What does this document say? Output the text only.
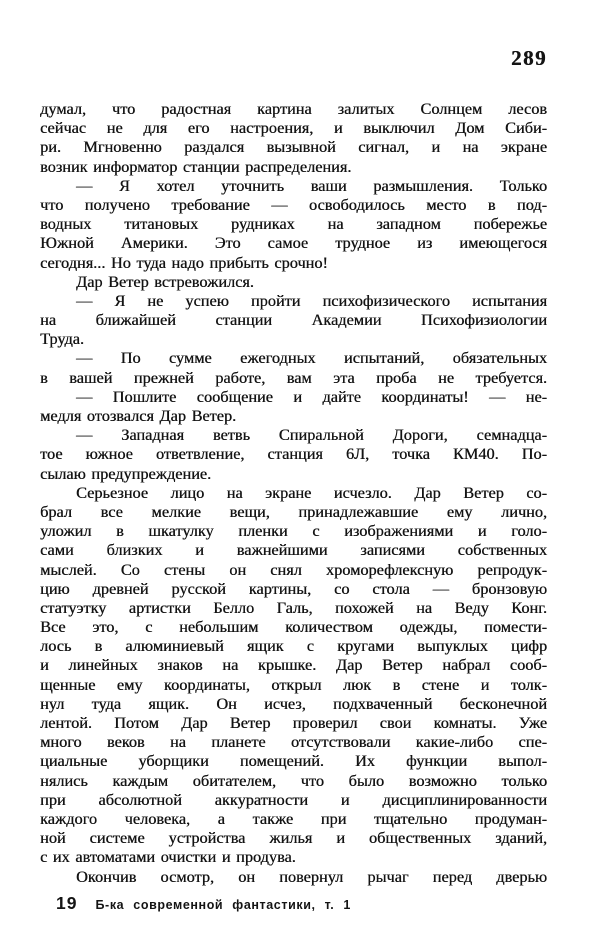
289
думал, что радостная картина залитых Солнцем лесов
сейчас не для его настроения, и выключил Дом Сиби-
ри. Мгновенно раздался вызывной сигнал, и на экране
возник информатор станции распределения.
— Я хотел уточнить ваши размышления. Только
что получено требование — освободилось место в под-
водных титановых рудниках на западном побережье
Южной Америки. Это самое трудное из имеющегося
сегодня... Но туда надо прибыть срочно!
Дар Ветер встревожился.
— Я не успею пройти психофизического испытания
на ближайшей станции Академии Психофизиологии
Труда.
— По сумме ежегодных испытаний, обязательных
в вашей прежней работе, вам эта проба не требуется.
— Пошлите сообщение и дайте координаты! — не-
медля отозвался Дар Ветер.
— Западная ветвь Спиральной Дороги, семнадца-
тое южное ответвление, станция 6Л, точка КМ40. По-
сылаю предупреждение.
Серьезное лицо на экране исчезло. Дар Ветер со-
брал все мелкие вещи, принадлежавшие ему лично,
уложил в шкатулку пленки с изображениями и голо-
сами близких и важнейшими записями собственных
мыслей. Со стены он снял хроморефлексную репродук-
цию древней русской картины, со стола — бронзовую
статуэтку артистки Белло Галь, похожей на Веду Конг.
Все это, с небольшим количеством одежды, помести-
лось в алюминиевый ящик с кругами выпуклых цифр
и линейных знаков на крышке. Дар Ветер набрал сооб-
щенные ему координаты, открыл люк в стене и толк-
нул туда ящик. Он исчез, подхваченный бесконечной
лентой. Потом Дар Ветер проверил свои комнаты. Уже
много веков на планете отсутствовали какие-либо спе-
циальные уборщики помещений. Их функции выпол-
нялись каждым обитателем, что было возможно только
при абсолютной аккуратности и дисциплинированности
каждого человека, а также при тщательно продуман-
ной системе устройства жилья и общественных зданий,
с их автоматами очистки и продува.
Окончив осмотр, он повернул рычаг перед дверью
19 Б-ка современной фантастики, т. 1
